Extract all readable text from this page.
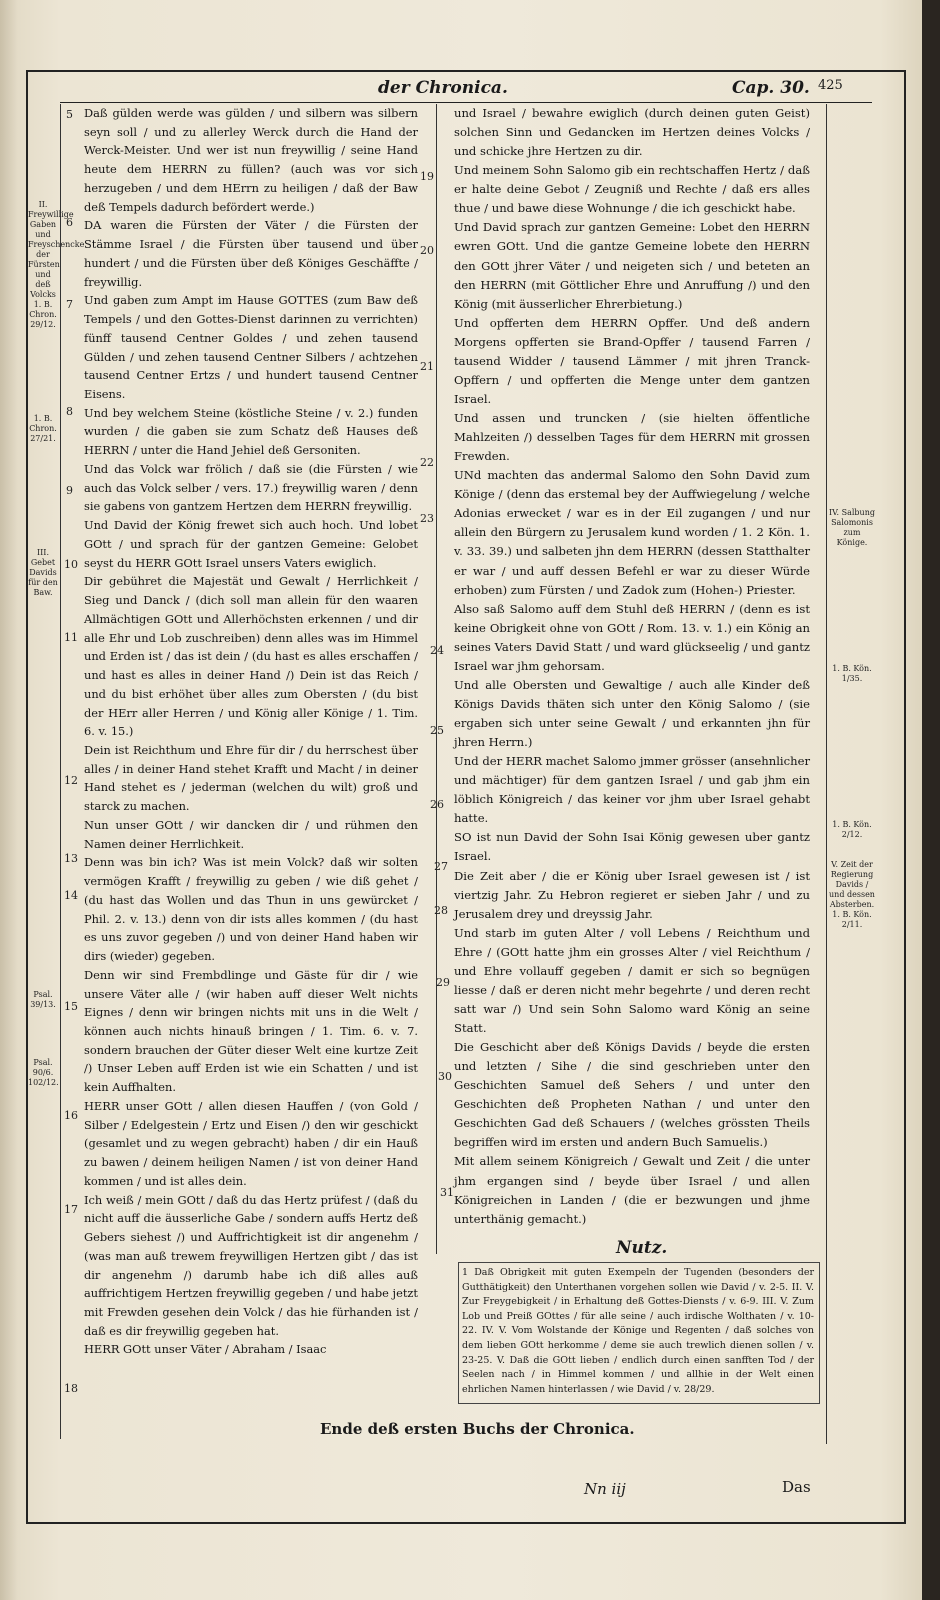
der Chronica.	Cap. 30. 425
5
6
7
8
9
10
11
12
13
14
15
16
17
18
19
20
21
22
23
24
25
26
27
28
29
30
31
II. Freywillige Gaben und Freyschencke der Fürsten und deß Volcks 1. B. Chron. 29/12.
1. B. Chron. 27/21.
III. Gebet Davids für den Baw.
Psal. 39/13.
Psal. 90/6. 102/12.
IV. Salbung Salomonis zum Könige.
1. B. Kön. 1/35.
1. B. Kön. 2/12.
V. Zeit der Regierung Davids / und dessen Absterben. 1. B. Kön. 2/11.

Daß gülden werde was gülden / und silbern was silbern seyn soll / und zu allerley Werck durch die Hand der Werck-Meister. Und wer ist nun freywillig / seine Hand heute dem HERRN zu füllen? (auch was vor sich herzugeben / und dem HErrn zu heiligen / daß der Baw deß Tempels dadurch befördert werde.)

DA waren die Fürsten der Väter / die Fürsten der Stämme Israel / die Fürsten über tausend und über hundert / und die Fürsten über deß Königes Geschäffte / freywillig.

Und gaben zum Ampt im Hause GOTTES (zum Baw deß Tempels / und den Gottes-Dienst darinnen zu verrichten) fünff tausend Centner Goldes / und zehen tausend Gülden / und zehen tausend Centner Silbers / achtzehen tausend Centner Ertzs / und hundert tausend Centner Eisens.

Und bey welchem Steine (köstliche Steine / v. 2.) funden wurden / die gaben sie zum Schatz deß Hauses deß HERRN / unter die Hand Jehiel deß Gersoniten.

Und das Volck war frölich / daß sie (die Fürsten / wie auch das Volck selber / vers. 17.) freywillig waren / denn sie gabens von gantzem Hertzen dem HERRN freywillig.

Und David der König frewet sich auch hoch. Und lobet GOtt / und sprach für der gantzen Gemeine: Gelobet seyst du HERR GOtt Israel unsers Vaters ewiglich.

Dir gebühret die Majestät und Gewalt / Herrlichkeit / Sieg und Danck / (dich soll man allein für den waaren Allmächtigen GOtt und Allerhöchsten erkennen / und dir alle Ehr und Lob zuschreiben) denn alles was im Himmel und Erden ist / das ist dein / (du hast es alles erschaffen / und hast es alles in deiner Hand /) Dein ist das Reich / und du bist erhöhet über alles zum Obersten / (du bist der HErr aller Herren / und König aller Könige / 1. Tim. 6. v. 15.)

Dein ist Reichthum und Ehre für dir / du herrschest über alles / in deiner Hand stehet Krafft und Macht / in deiner Hand stehet es / jederman (welchen du wilt) groß und starck zu machen.

Nun unser GOtt / wir dancken dir / und rühmen den Namen deiner Herrlichkeit.

Denn was bin ich? Was ist mein Volck? daß wir solten vermögen Krafft / freywillig zu geben / wie diß gehet / (du hast das Wollen und das Thun in uns gewürcket / Phil. 2. v. 13.) denn von dir ists alles kommen / (du hast es uns zuvor gegeben /) und von deiner Hand haben wir dirs (wieder) gegeben.

Denn wir sind Frembdlinge und Gäste für dir / wie unsere Väter alle / (wir haben auff dieser Welt nichts Eignes / denn wir bringen nichts mit uns in die Welt / können auch nichts hinauß bringen / 1. Tim. 6. v. 7. sondern brauchen der Güter dieser Welt eine kurtze Zeit /) Unser Leben auff Erden ist wie ein Schatten / und ist kein Auffhalten.

HERR unser GOtt / allen diesen Hauffen / (von Gold / Silber / Edelgestein / Ertz und Eisen /) den wir geschickt (gesamlet und zu wegen gebracht) haben / dir ein Hauß zu bawen / deinem heiligen Namen / ist von deiner Hand kommen / und ist alles dein.

Ich weiß / mein GOtt / daß du das Hertz prüfest / (daß du nicht auff die äusserliche Gabe / sondern auffs Hertz deß Gebers siehest /) und Auffrichtigkeit ist dir angenehm / (was man auß trewem freywilligen Hertzen gibt / das ist dir angenehm /) darumb habe ich diß alles auß auffrichtigem Hertzen freywillig gegeben / und habe jetzt mit Frewden gesehen dein Volck / das hie fürhanden ist / daß es dir freywillig gegeben hat.

HERR GOtt unser Väter / Abraham / Isaac

und Israel / bewahre ewiglich (durch deinen guten Geist) solchen Sinn und Gedancken im Hertzen deines Volcks / und schicke jhre Hertzen zu dir.

Und meinem Sohn Salomo gib ein rechtschaffen Hertz / daß er halte deine Gebot / Zeugniß und Rechte / daß ers alles thue / und bawe diese Wohnunge / die ich geschickt habe.

Und David sprach zur gantzen Gemeine: Lobet den HERRN ewren GOtt. Und die gantze Gemeine lobete den HERRN den GOtt jhrer Väter / und neigeten sich / und beteten an den HERRN (mit Göttlicher Ehre und Anruffung /) und den König (mit äusserlicher Ehrerbietung.)

Und opfferten dem HERRN Opffer. Und deß andern Morgens opfferten sie Brand-Opffer / tausend Farren / tausend Widder / tausend Lämmer / mit jhren Tranck-Opffern / und opfferten die Menge unter dem gantzen Israel.

Und assen und truncken / (sie hielten öffentliche Mahlzeiten /) desselben Tages für dem HERRN mit grossen Frewden.

UNd machten das andermal Salomo den Sohn David zum Könige / (denn das erstemal bey der Auffwiegelung / welche Adonias erwecket / war es in der Eil zugangen / und nur allein den Bürgern zu Jerusalem kund worden / 1. 2 Kön. 1. v. 33. 39.) und salbeten jhn dem HERRN (dessen Statthalter er war / und auff dessen Befehl er war zu dieser Würde erhoben) zum Fürsten / und Zadok zum (Hohen-) Priester.

Also saß Salomo auff dem Stuhl deß HERRN / (denn es ist keine Obrigkeit ohne von GOtt / Rom. 13. v. 1.) ein König an seines Vaters David Statt / und ward glückseelig / und gantz Israel war jhm gehorsam.

Und alle Obersten und Gewaltige / auch alle Kinder deß Königs Davids thäten sich unter den König Salomo / (sie ergaben sich unter seine Gewalt / und erkannten jhn für jhren Herrn.)

Und der HERR machet Salomo jmmer grösser (ansehnlicher und mächtiger) für dem gantzen Israel / und gab jhm ein löblich Königreich / das keiner vor jhm uber Israel gehabt hatte.

SO ist nun David der Sohn Isai König gewesen uber gantz Israel.

Die Zeit aber / die er König uber Israel gewesen ist / ist viertzig Jahr. Zu Hebron regieret er sieben Jahr / und zu Jerusalem drey und dreyssig Jahr.

Und starb im guten Alter / voll Lebens / Reichthum und Ehre / (GOtt hatte jhm ein grosses Alter / viel Reichthum / und Ehre vollauff gegeben / damit er sich so begnügen liesse / daß er deren nicht mehr begehrte / und deren recht satt war /) Und sein Sohn Salomo ward König an seine Statt.

Die Geschicht aber deß Königs Davids / beyde die ersten und letzten / Sihe / die sind geschrieben unter den Geschichten Samuel deß Sehers / und unter den Geschichten deß Propheten Nathan / und unter den Geschichten Gad deß Schauers / (welches grössten Theils begriffen wird im ersten und andern Buch Samuelis.)

Mit allem seinem Königreich / Gewalt und Zeit / die unter jhm ergangen sind / beyde über Israel / und allen Königreichen in Landen / (die er bezwungen und jhme unterthänig gemacht.)

Nutz.
1 Daß Obrigkeit mit guten Exempeln der Tugenden (besonders der Gutthätigkeit) den Unterthanen vorgehen sollen wie David / v. 2-5. II. V. Zur Freygebigkeit / in Erhaltung deß Gottes-Diensts / v. 6-9. III. V. Zum Lob und Preiß GOttes / für alle seine / auch irdische Wolthaten / v. 10-22. IV. V. Vom Wolstande der Könige und Regenten / daß solches von dem lieben GOtt herkomme / deme sie auch trewlich dienen sollen / v. 23-25. V. Daß die GOtt lieben / endlich durch einen sanfften Tod / der Seelen nach / in Himmel kommen / und allhie in der Welt einen ehrlichen Namen hinterlassen / wie David / v. 28/29.
Ende deß ersten Buchs der Chronica.
Nn iij	Das
